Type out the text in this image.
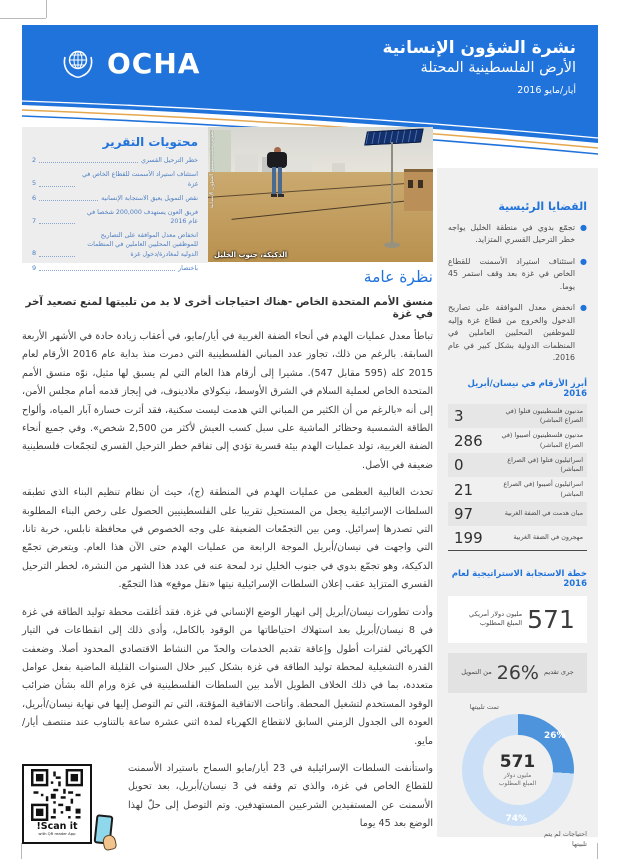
OCHA	نشرة الشؤون الإنسانية
الأرض الفلسطينية المحتلة
أيار/مايو 2016
محتويات التقرير
خطر الترحيل القسري
2
استئناف استيراد الأسمنت للقطاع الخاص في غزة
5
نقص التمويل يعيق الاستجابة الإنسانية
6
فريق العون يستهدف 200,000 شخصا في عام 2016
7
انخفاض معدل الموافقة على التصاريح للموظفين المحليين العاملين في المنظمات الدولية لمغادرة/دخول غزة
8
باختصار
9
تصوير: مكتب تنسيق الشؤون الإنسانية
الدكيكة، جنوب الخليل
القضايا الرئيسية
●
تجمّع بدوي في منطقة الخليل يواجه خطر الترحيل القسري المتزايد.
●
استئناف استيراد الأسمنت للقطاع الخاص في غزة بعد وقف استمر 45 يوما.
●
انخفض معدل الموافقة على تصاريح الدخول والخروج من قطاع غزة وإليه للموظفين المحليين العاملين في المنظمات الدولية بشكل كبير في عام 2016.
أبرز الأرقام في نيسان/أبريل 2016
مدنيون فلسطينيون قتلوا (في الصراع المباشر)
3
مدنيون فلسطينيون أصيبوا (في الصراع المباشر)
286
اسرائيليون قتلوا (في الصراع المباشر)
0
اسرائيليون أصيبوا (في الصراع المباشر)
21
مبان هدمت في الضفة الغربية
97
مهجرون في الضفة الغربية
199
خطة الاستجابة الاستراتيجية لعام 2016
571
مليون دولار أمريكي المبلغ المطلوب
جرى تقديم
26%
من التمويل
تمت تلبيتها
571
مليون دولار
المبلغ المطلوب
26%
74%
احتياجات لم يتم تلبيتها
نظرة عامة
منسق الأمم المتحدة الخاص -هناك احتياجات أخرى لا بد من تلبيتها لمنع تصعيد آخر في غزة

تباطأ معدل عمليات الهدم في أنحاء الضفة الغربية في أيار/مايو، في أعقاب زيادة حادة في الأشهر الأربعة السابقة. بالرغم من ذلك، تجاوز عدد المباني الفلسطينية التي دمرت منذ بداية عام 2016 الأرقام لعام 2015 كله (595 مقابل 547). مشيرا إلى أرقام هذا العام التي لم يسبق لها مثيل، نوّه منسق الأمم المتحدة الخاص لعملية السلام في الشرق الأوسط، نيكولاي ملادينوف، في إيجاز قدمه أمام مجلس الأمن، إلى أنه «بالرغم من أن الكثير من المباني التي هدمت ليست سكنية، فقد أثرت خسارة آبار المياه، وألواح الطاقة الشمسية وحظائر الماشية على سبل كسب العيش لأكثر من 2,500 شخص». وفي جميع أنحاء الضفة الغربية، تولد عمليات الهدم بيئة قسرية تؤدي إلى تفاقم خطر الترحيل القسري لتجمّعات فلسطينية ضعيفة في الأصل.

تحدث الغالبية العظمى من عمليات الهدم في المنطقة (ج)، حيث أن نظام تنظيم البناء الذي تطبقه السلطات الإسرائيلية يجعل من المستحيل تقريبا على الفلسطينيين الحصول على رخص البناء المطلوبة التي تصدرها إسرائيل. ومن بين التجمّعات الضعيفة على وجه الخصوص في محافظة نابلس، خربة تانا، التي واجهت في نيسان/أبريل الموجة الرابعة من عمليات الهدم حتى الآن هذا العام. ويتعرض تجمّع الدكيكة، وهو تجمّع بدوي في جنوب الخليل ترد لمحة عنه في عدد هذا الشهر من النشرة، لخطر الترحيل القسري المتزايد عقب إعلان السلطات الإسرائيلية نيتها «نقل موقع» هذا التجمّع.

وأدت تطورات نيسان/أبريل إلى انهيار الوضع الإنساني في غزة. فقد أغلقت محطة توليد الطاقة في غزة في 8 نيسان/أبريل بعد استهلاك احتياطاتها من الوقود بالكامل، وأدى ذلك إلى انقطاعات في التيار الكهربائي لفترات أطول وإعاقة تقديم الخدمات والحدّ من النشاط الاقتصادي المحدود أصلا. وضعفت القدرة التشغيلية لمحطة توليد الطاقة في غزة بشكل كبير خلال السنوات القليلة الماضية بفعل عوامل متعددة، بما في ذلك الخلاف الطويل الأمد بين السلطات الفلسطينية في غزة ورام الله بشأن ضرائب الوقود المستخدم لتشغيل المحطة. وأتاحت الاتفاقية المؤقتة، التي تم التوصل إليها في نهاية نيسان/أبريل، العودة الى الجدول الزمني السابق لانقطاع الكهرباء لمدة اثني عشرة ساعة بالتناوب عند منتصف أيار/مايو.

Scan it!
with QR reader App

واستأنفت السلطات الإسرائيلية في 23 أيار/مايو السماح باستيراد الأسمنت للقطاع الخاص في غزة، والذي تم وقفه في 3 نيسان/أبريل، بعد تحويل الأسمنت عن المستفيدين الشرعيين المستهدفين. وتم التوصل إلى حلّ لهذا الوضع بعد 45 يوما
